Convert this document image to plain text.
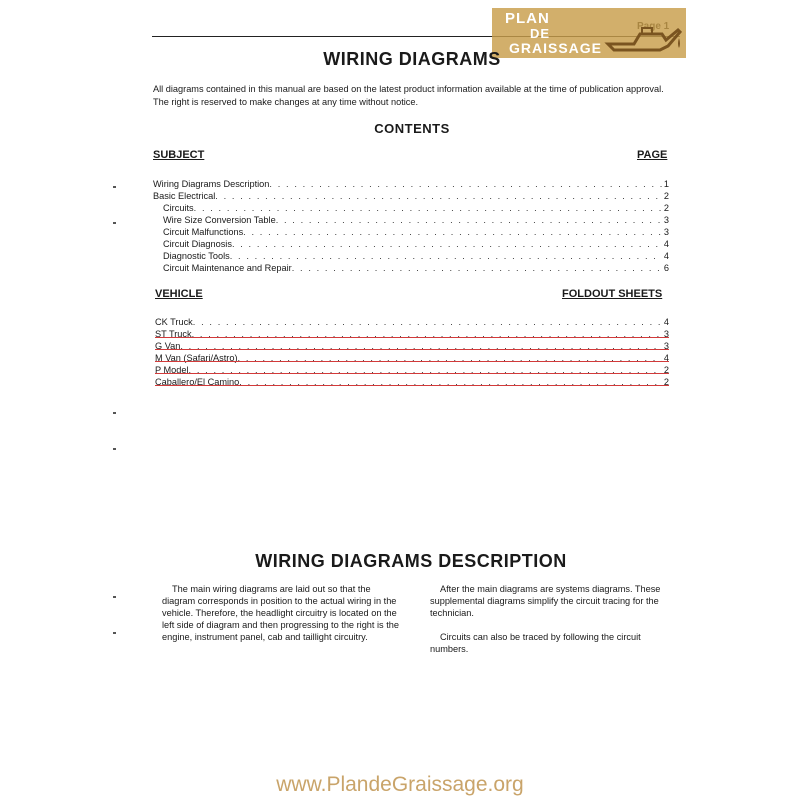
PLAN
DE
GRAISSAGE
WIRING DIAGRAMS
All diagrams contained in this manual are based on the latest product information available at the time of publication approval. The right is reserved to make changes at any time without notice.
CONTENTS
SUBJECT	PAGE
Wiring Diagrams Description . . .	1
Basic Electrical . . .	2
Circuits . . .	2
Wire Size Conversion Table . . .	3
Circuit Malfunctions . . .	3
Circuit Diagnosis . . .	4
Diagnostic Tools . . .	4
Circuit Maintenance and Repair . . .	6
VEHICLE	FOLDOUT SHEETS
CK Truck . . .	4
ST Truck . . .	3
G Van . . .	3
M Van (Safari/Astro) . . .	4
P Model . . .	2
Caballero/El Camino . . .	2
WIRING DIAGRAMS DESCRIPTION
The main wiring diagrams are laid out so that the diagram corresponds in position to the actual wiring in the vehicle. Therefore, the headlight circuitry is located on the left side of diagram and then progressing to the right is the engine, instrument panel, cab and taillight circuitry.
After the main diagrams are systems diagrams. These supplemental diagrams simplify the circuit tracing for the technician.
Circuits can also be traced by following the circuit numbers.
www.PlandeGraissage.org
